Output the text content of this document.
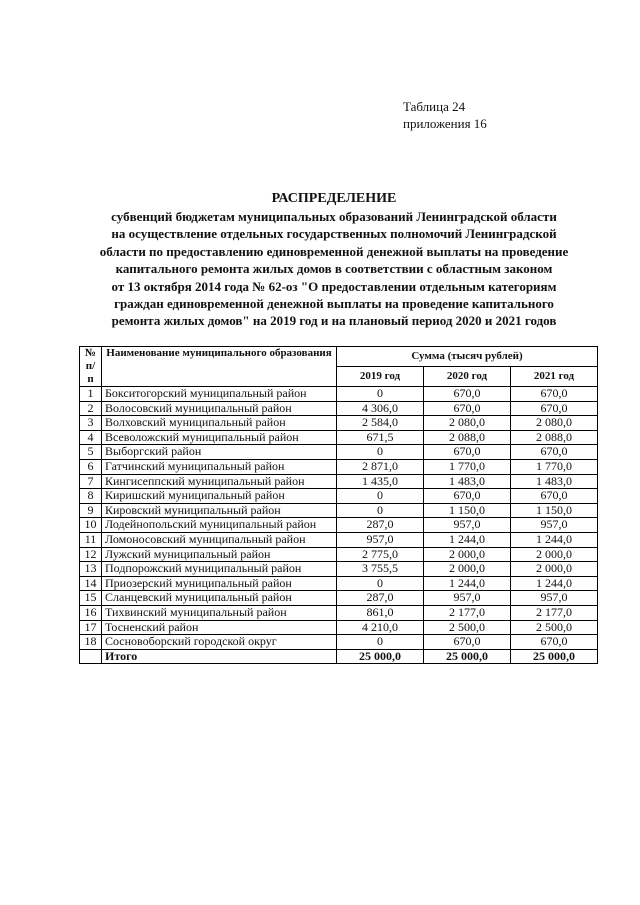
Таблица 24
приложения 16
РАСПРЕДЕЛЕНИЕ
субвенций бюджетам муниципальных образований Ленинградской области
на осуществление отдельных государственных полномочий Ленинградской
области по предоставлению единовременной денежной выплаты на проведение
капитального ремонта жилых домов в соответствии с областным законом
от 13 октября 2014 года № 62-оз "О предоставлении отдельным категориям
граждан единовременной денежной выплаты на проведение капитального
ремонта жилых домов" на 2019 год и на плановый период 2020 и 2021 годов
№ п/п	Наименование муниципального образования	Сумма (тысяч рублей)		
		2019 год	2020 год	2021 год
1	Бокситогорский муниципальный район	0	670,0	670,0
2	Волосовский муниципальный район	4 306,0	670,0	670,0
3	Волховский муниципальный район	2 584,0	2 080,0	2 080,0
4	Всеволожский муниципальный район	671,5	2 088,0	2 088,0
5	Выборгский район	0	670,0	670,0
6	Гатчинский муниципальный район	2 871,0	1 770,0	1 770,0
7	Кингисеппский муниципальный район	1 435,0	1 483,0	1 483,0
8	Киришский муниципальный район	0	670,0	670,0
9	Кировский муниципальный район	0	1 150,0	1 150,0
10	Лодейнопольский муниципальный район	287,0	957,0	957,0
11	Ломоносовский муниципальный район	957,0	1 244,0	1 244,0
12	Лужский муниципальный район	2 775,0	2 000,0	2 000,0
13	Подпорожский муниципальный район	3 755,5	2 000,0	2 000,0
14	Приозерский муниципальный район	0	1 244,0	1 244,0
15	Сланцевский муниципальный район	287,0	957,0	957,0
16	Тихвинский муниципальный район	861,0	2 177,0	2 177,0
17	Тосненский район	4 210,0	2 500,0	2 500,0
18	Сосновоборский городской округ	0	670,0	670,0
	Итого	25 000,0	25 000,0	25 000,0
